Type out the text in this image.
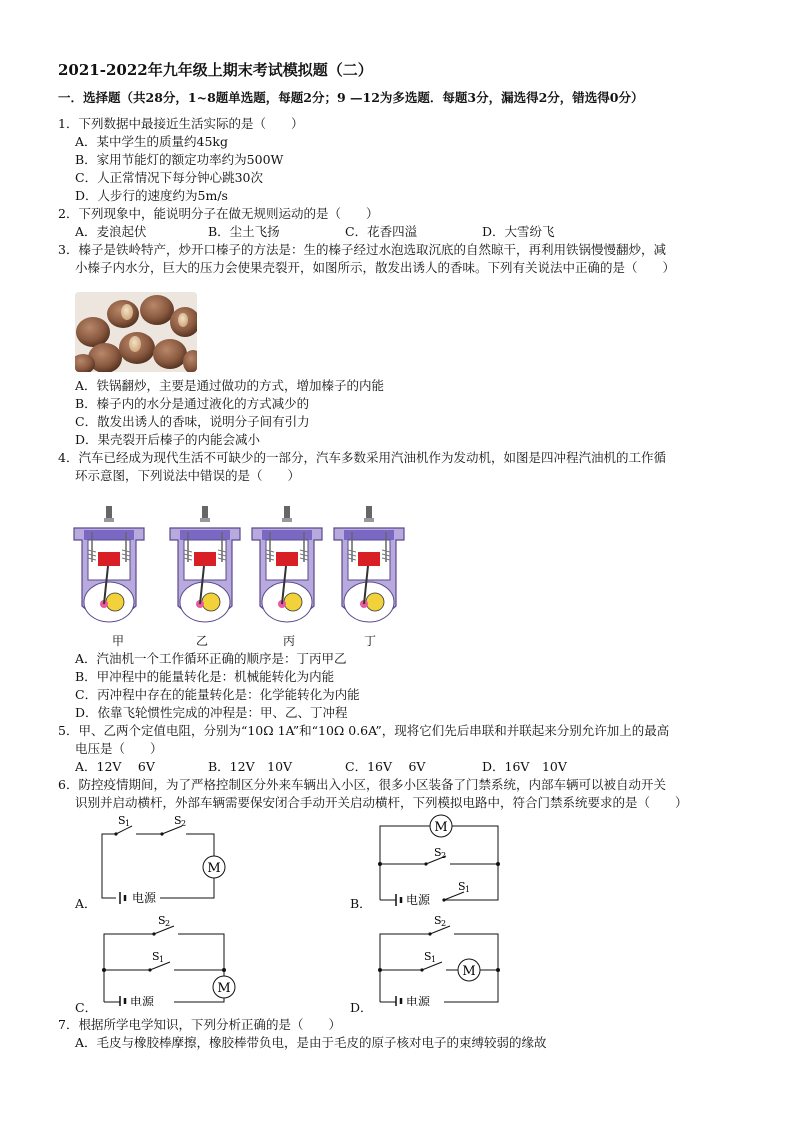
2021-2022年九年级上期末考试模拟题（二）
一．选择题（共28分，1~8题单选题，每题2分；9 —12为多选题．每题3分，漏选得2分，错选得0分）
1．下列数据中最接近生活实际的是（　　）
A．某中学生的质量约45kg
B．家用节能灯的额定功率约为500W
C．人正常情况下每分钟心跳30次
D．人步行的速度约为5m/s
2．下列现象中，能说明分子在做无规则运动的是（　　）
A．麦浪起伏	B．尘土飞扬	C．花香四溢	D．大雪纷飞
3．榛子是铁岭特产，炒开口榛子的方法是：生的榛子经过水泡选取沉底的自然晾干，再利用铁锅慢慢翻炒，减
小榛子内水分，巨大的压力会使果壳裂开，如图所示，散发出诱人的香味。下列有关说法中正确的是（　　）
A．铁锅翻炒，主要是通过做功的方式，增加榛子的内能
B．榛子内的水分是通过液化的方式减少的
C．散发出诱人的香味，说明分子间有引力
D．果壳裂开后榛子的内能会减小
4．汽车已经成为现代生活不可缺少的一部分，汽车多数采用汽油机作为发动机，如图是四冲程汽油机的工作循
环示意图，下列说法中错误的是（　　）
甲	乙	丙	丁
A．汽油机一个工作循环正确的顺序是：丁丙甲乙
B．甲冲程中的能量转化是：机械能转化为内能
C．丙冲程中存在的能量转化是：化学能转化为内能
D．依靠飞轮惯性完成的冲程是：甲、乙、丁冲程
5．甲、乙两个定值电阻，分别为“10Ω 1A”和“10Ω 0.6A”，现将它们先后串联和并联起来分别允许加上的最高
电压是（　　）
A．12V　 6V	B．12V　10V	C．16V　 6V	D．16V　10V
6．防控疫情期间，为了严格控制区分外来车辆出入小区，很多小区装备了门禁系统，内部车辆可以被自动开关
识别并启动横杆，外部车辆需要保安闭合手动开关启动横杆，下列模拟电路中，符合门禁系统要求的是（　　）
A．
M
电源
S 1	S 2
B．
M
电源
S 2
S 1
C．
M
电源
S 2
S 1
D．
M
电源
S 2
S 1
7．根据所学电学知识，下列分析正确的是（　　）
A．毛皮与橡胶棒摩擦，橡胶棒带负电，是由于毛皮的原子核对电子的束缚较弱的缘故
